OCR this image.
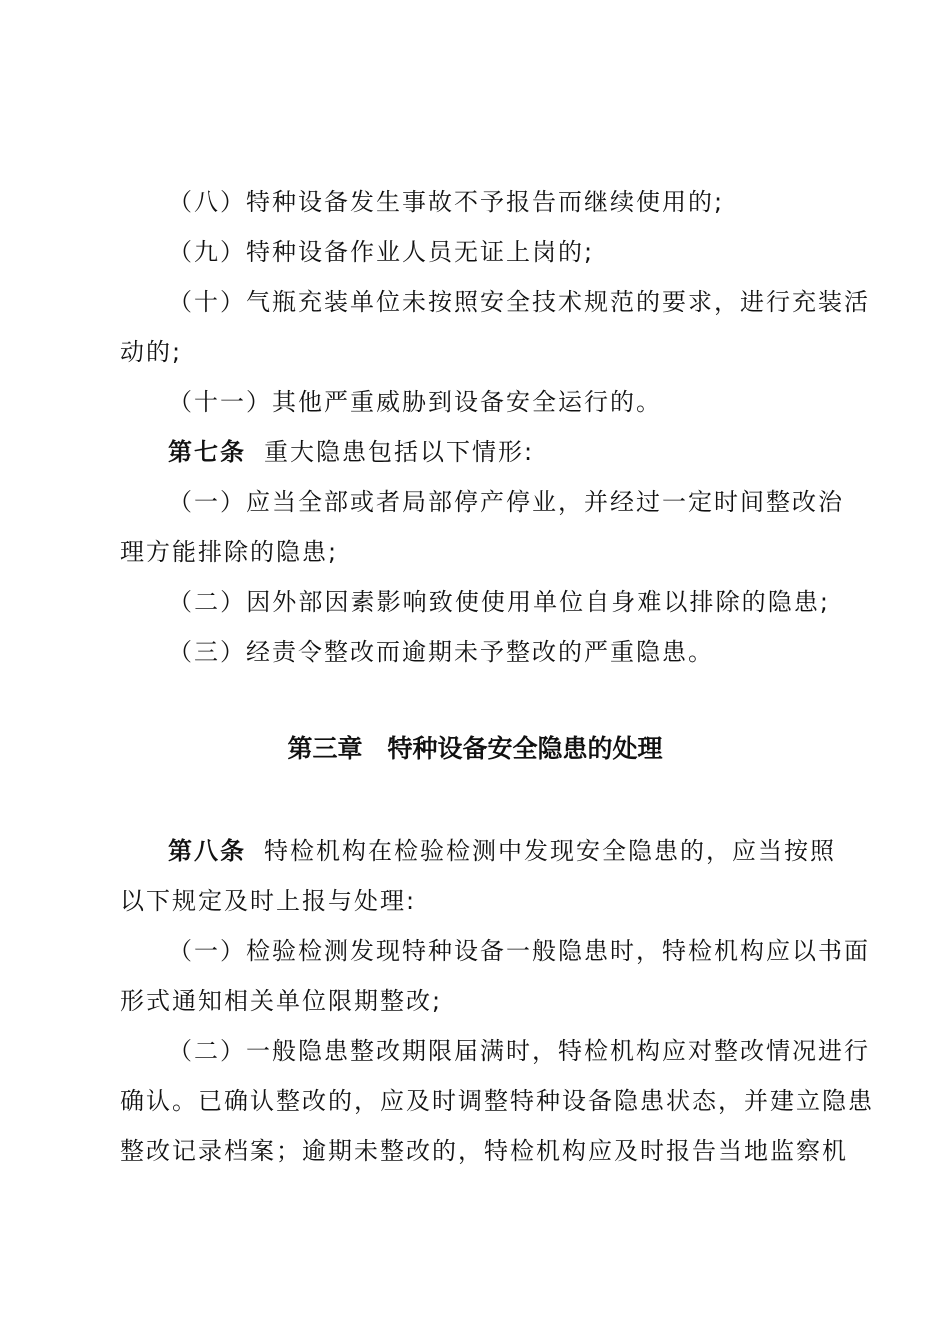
（八）特种设备发生事故不予报告而继续使用的;
（九）特种设备作业人员无证上岗的;
（十）气瓶充装单位未按照安全技术规范的要求，进行充装活
动的;
（十一）其他严重威胁到设备安全运行的。
第七条 重大隐患包括以下情形:
（一）应当全部或者局部停产停业，并经过一定时间整改治
理方能排除的隐患;
（二）因外部因素影响致使使用单位自身难以排除的隐患;
（三）经责令整改而逾期未予整改的严重隐患。
第三章　特种设备安全隐患的处理
第八条 特检机构在检验检测中发现安全隐患的，应当按照
以下规定及时上报与处理:
（一）检验检测发现特种设备一般隐患时，特检机构应以书面
形式通知相关单位限期整改;
（二）一般隐患整改期限届满时，特检机构应对整改情况进行
确认。已确认整改的，应及时调整特种设备隐患状态，并建立隐患
整改记录档案；逾期未整改的，特检机构应及时报告当地监察机
